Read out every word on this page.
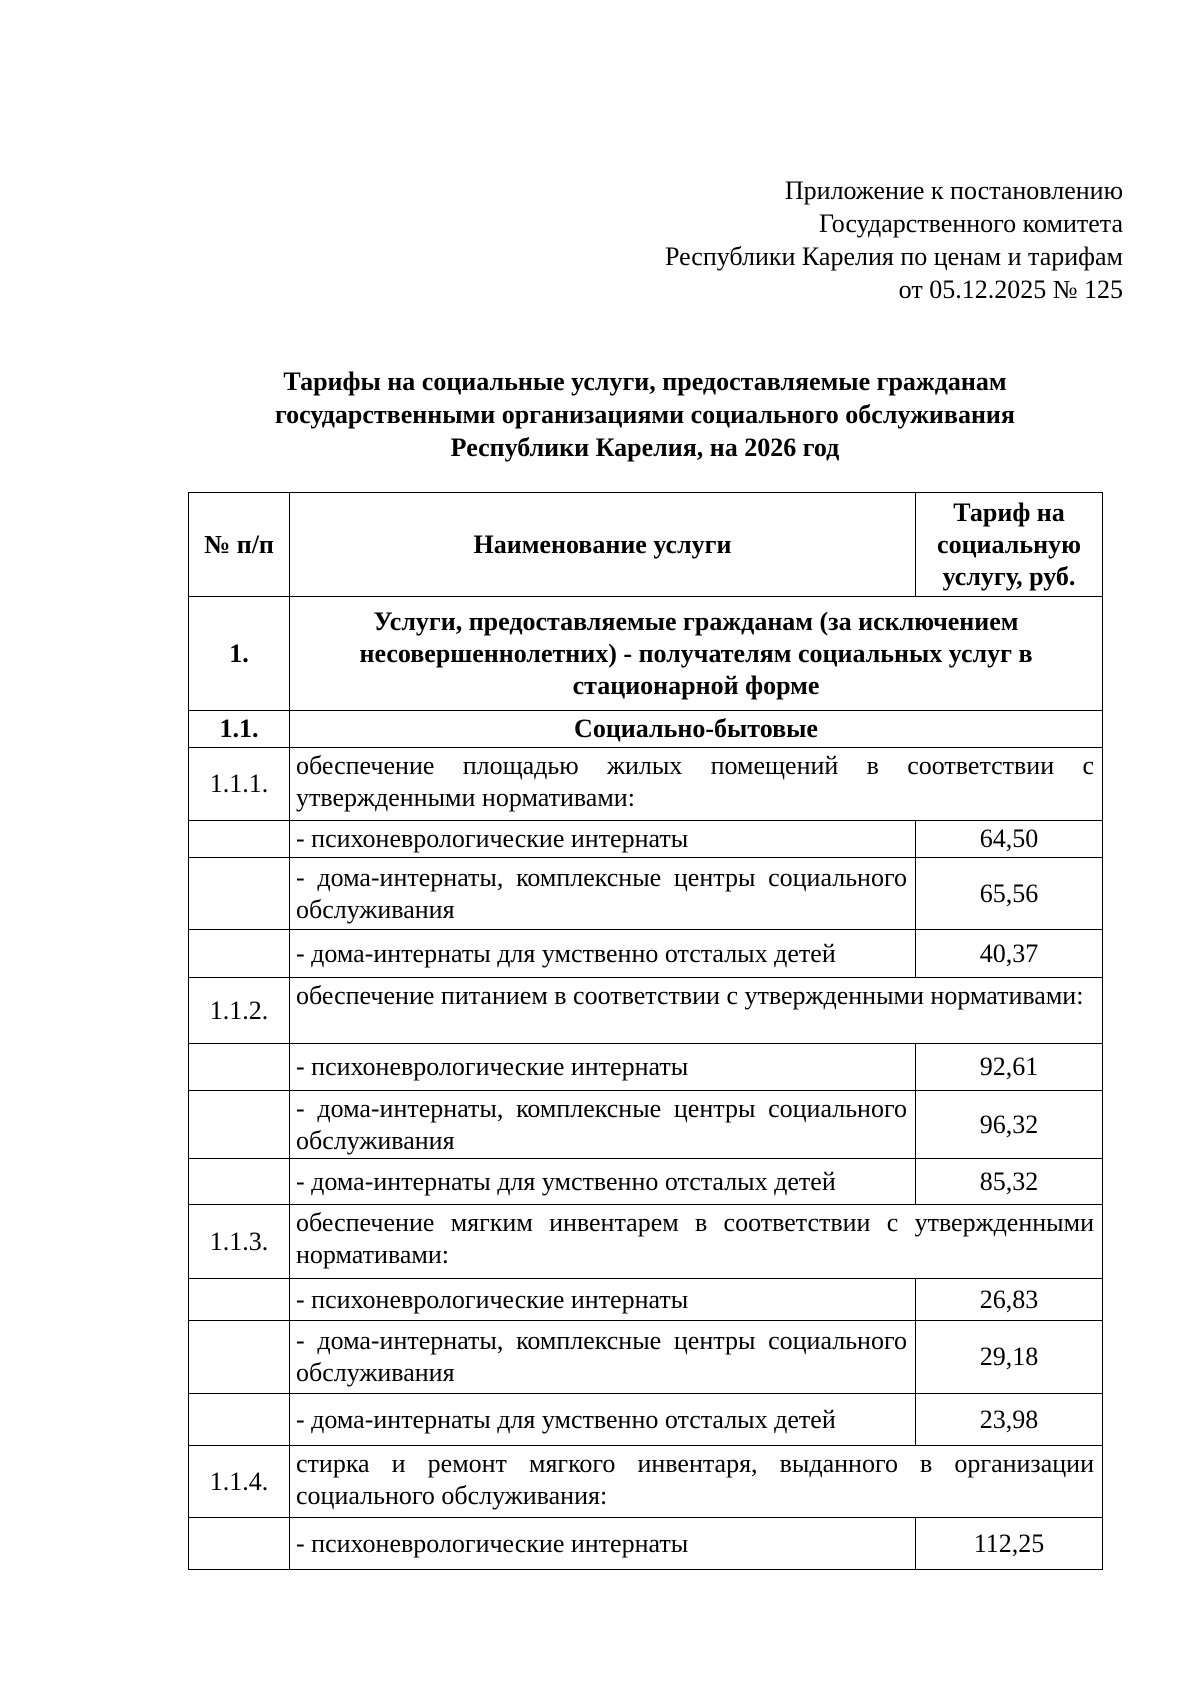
Приложение к постановлению
Государственного комитета
Республики Карелия по ценам и тарифам
от 05.12.2025 № 125
Тарифы на социальные услуги, предоставляемые гражданам
государственными организациями социального обслуживания
Республики Карелия, на 2026 год
№ п/п	Наименование услуги	Тариф на социальную услугу, руб.
1.	Услуги, предоставляемые гражданам (за исключением несовершеннолетних) - получателям социальных услуг в стационарной форме	
1.1.	Социально-бытовые	
1.1.1.	обеспечение площадью жилых помещений в соответствии с утвержденными нормативами:	
	- психоневрологические интернаты	64,50
	- дома-интернаты, комплексные центры социального обслуживания	65,56
	- дома-интернаты для умственно отсталых детей	40,37
1.1.2.	обеспечение питанием в соответствии с утвержденными нормативами:	
	- психоневрологические интернаты	92,61
	- дома-интернаты, комплексные центры социального обслуживания	96,32
	- дома-интернаты для умственно отсталых детей	85,32
1.1.3.	обеспечение мягким инвентарем в соответствии с утвержденными нормативами:	
	- психоневрологические интернаты	26,83
	- дома-интернаты, комплексные центры социального обслуживания	29,18
	- дома-интернаты для умственно отсталых детей	23,98
1.1.4.	стирка и ремонт мягкого инвентаря, выданного в организации социального обслуживания:	
	- психоневрологические интернаты	112,25
